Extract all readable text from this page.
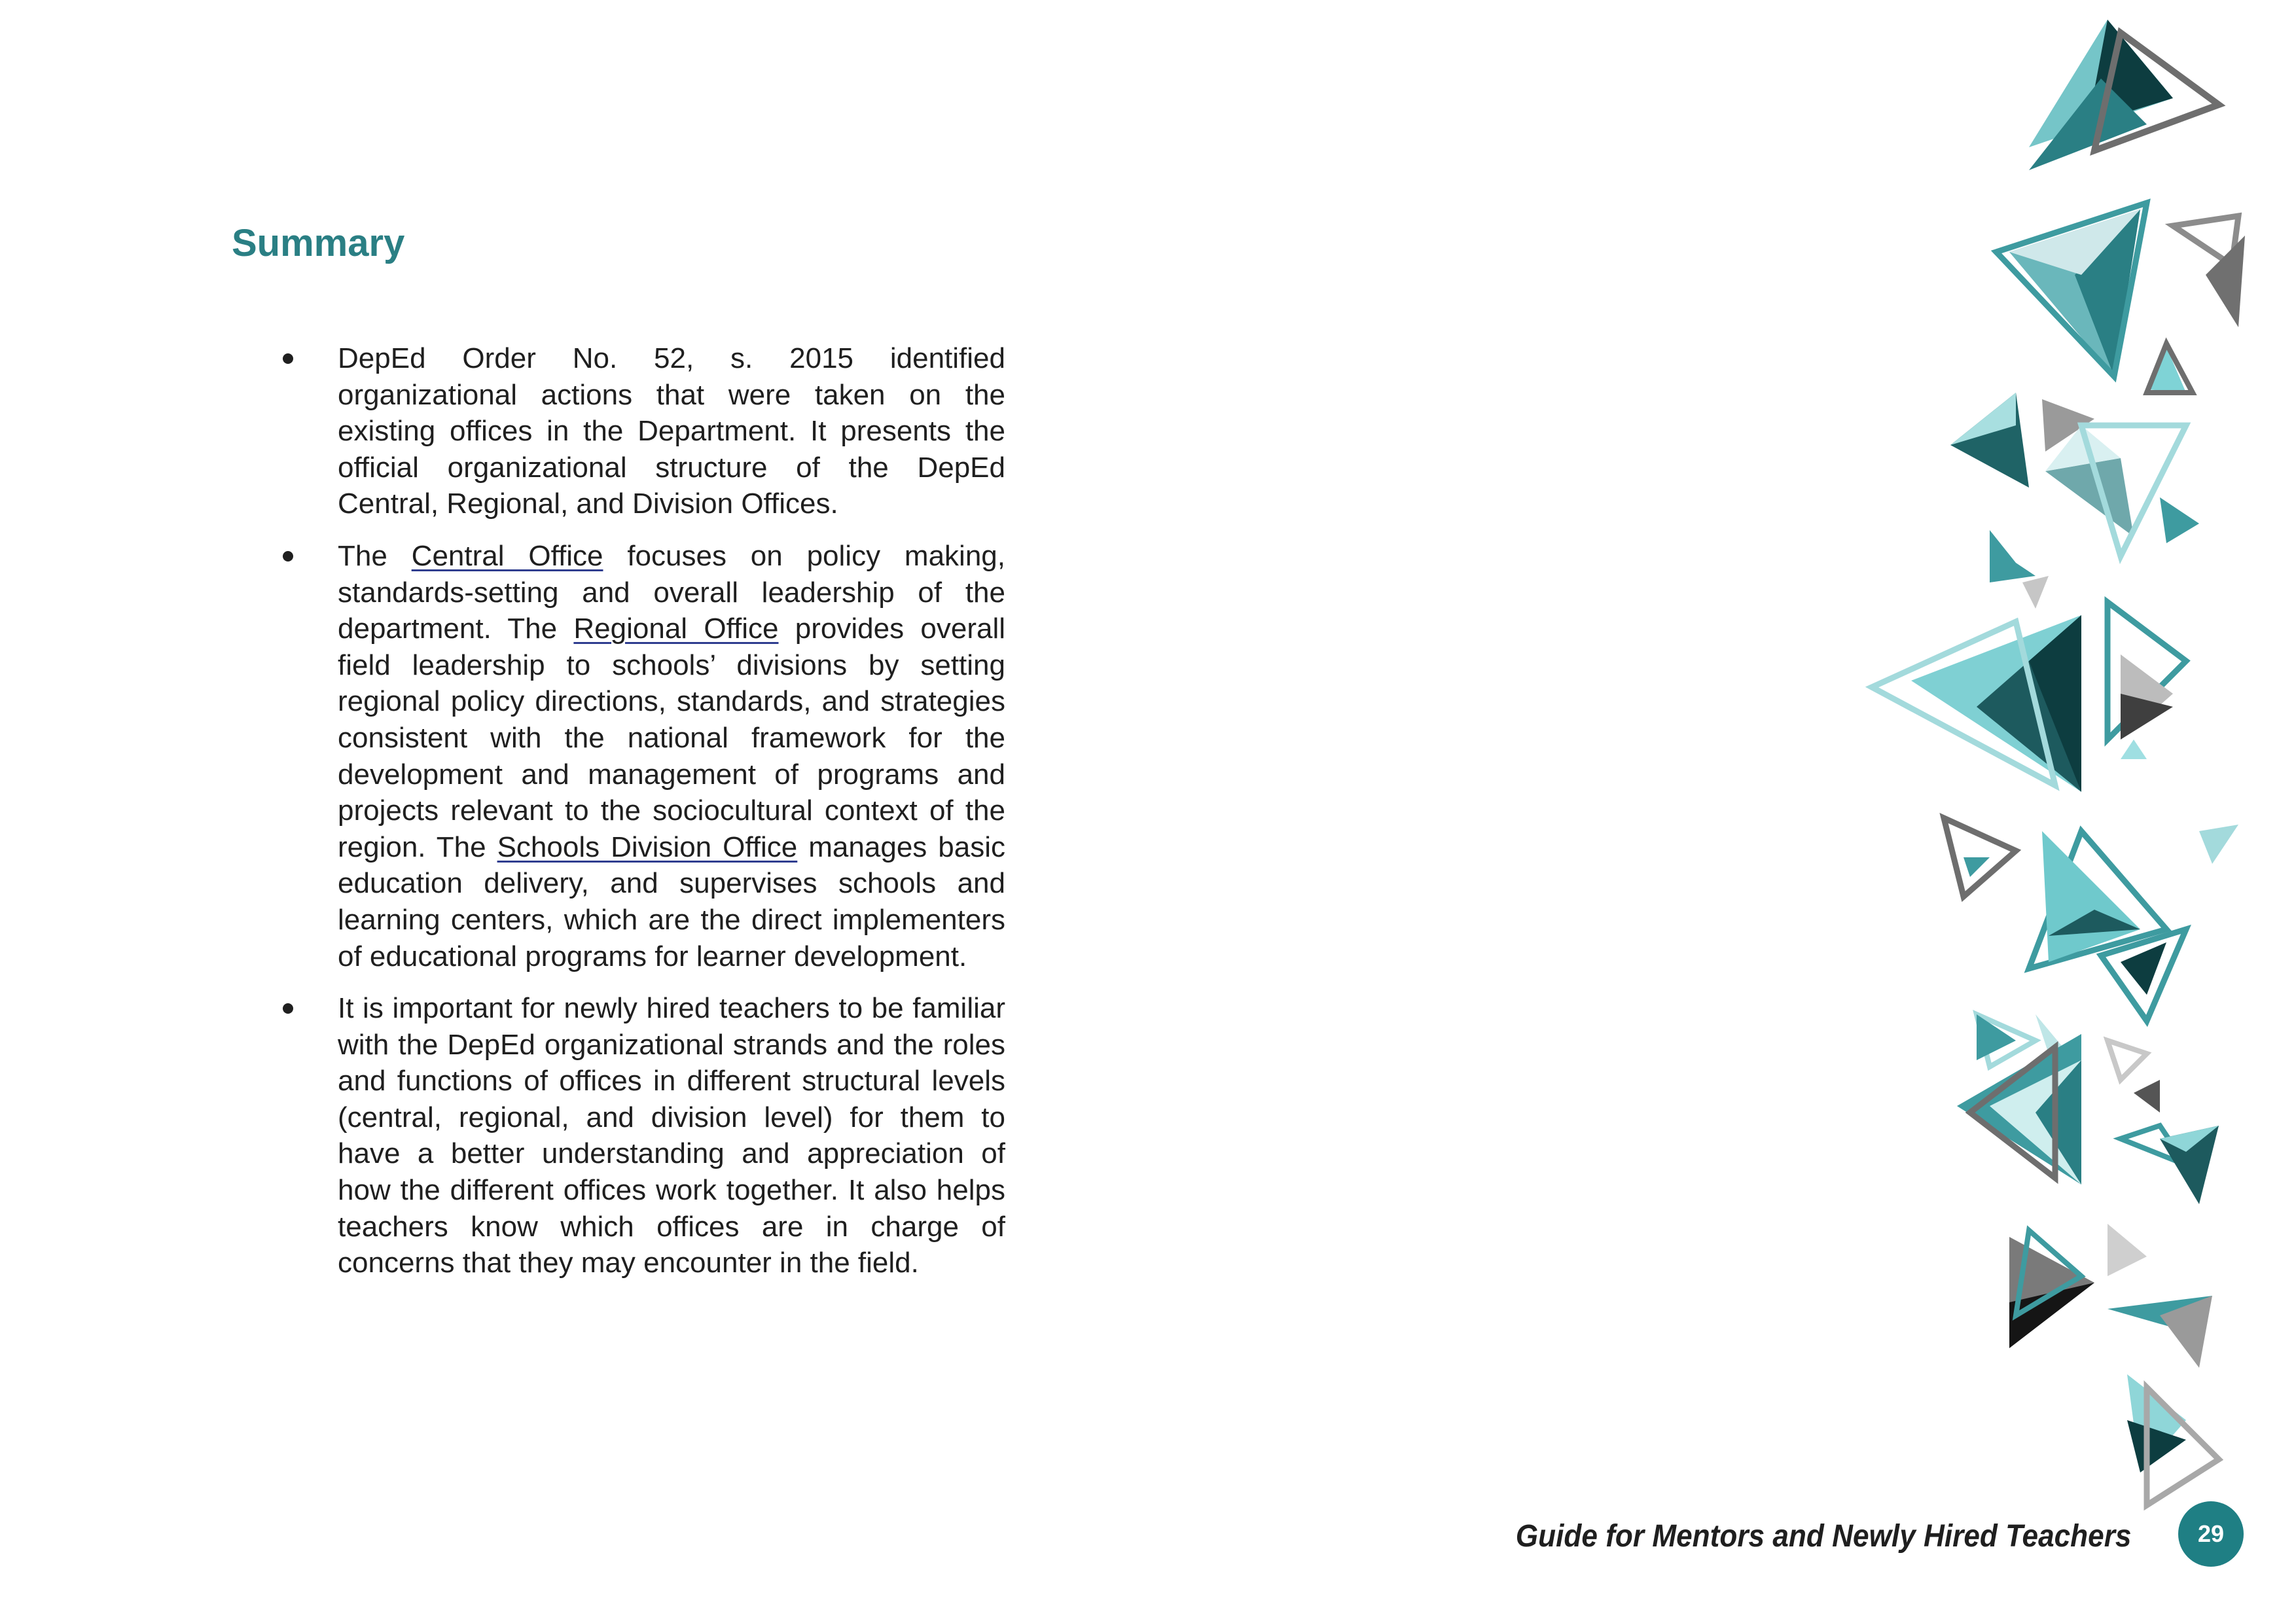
Summary
DepEd Order No. 52, s. 2015 identified organizational actions that were taken on the existing offices in the Department. It presents the official organizational structure of the DepEd Central, Regional, and Division Offices.
The Central Office focuses on policy making, standards-setting and overall leadership of the department. The Regional Office provides overall field leadership to schools’ divisions by setting regional policy directions, standards, and strategies consistent with the national framework for the development and management of programs and projects relevant to the sociocultural context of the region. The Schools Division Office manages basic education delivery, and supervises schools and learning centers, which are the direct implementers of educational programs for learner development.
It is important for newly hired teachers to be familiar with the DepEd organizational strands and the roles and functions of offices in different structural levels (central, regional, and division level) for them to have a better understanding and appreciation of how the different offices work together. It also helps teachers know which offices are in charge of concerns that they may encounter in the field.
Guide for Mentors and Newly Hired Teachers	29
